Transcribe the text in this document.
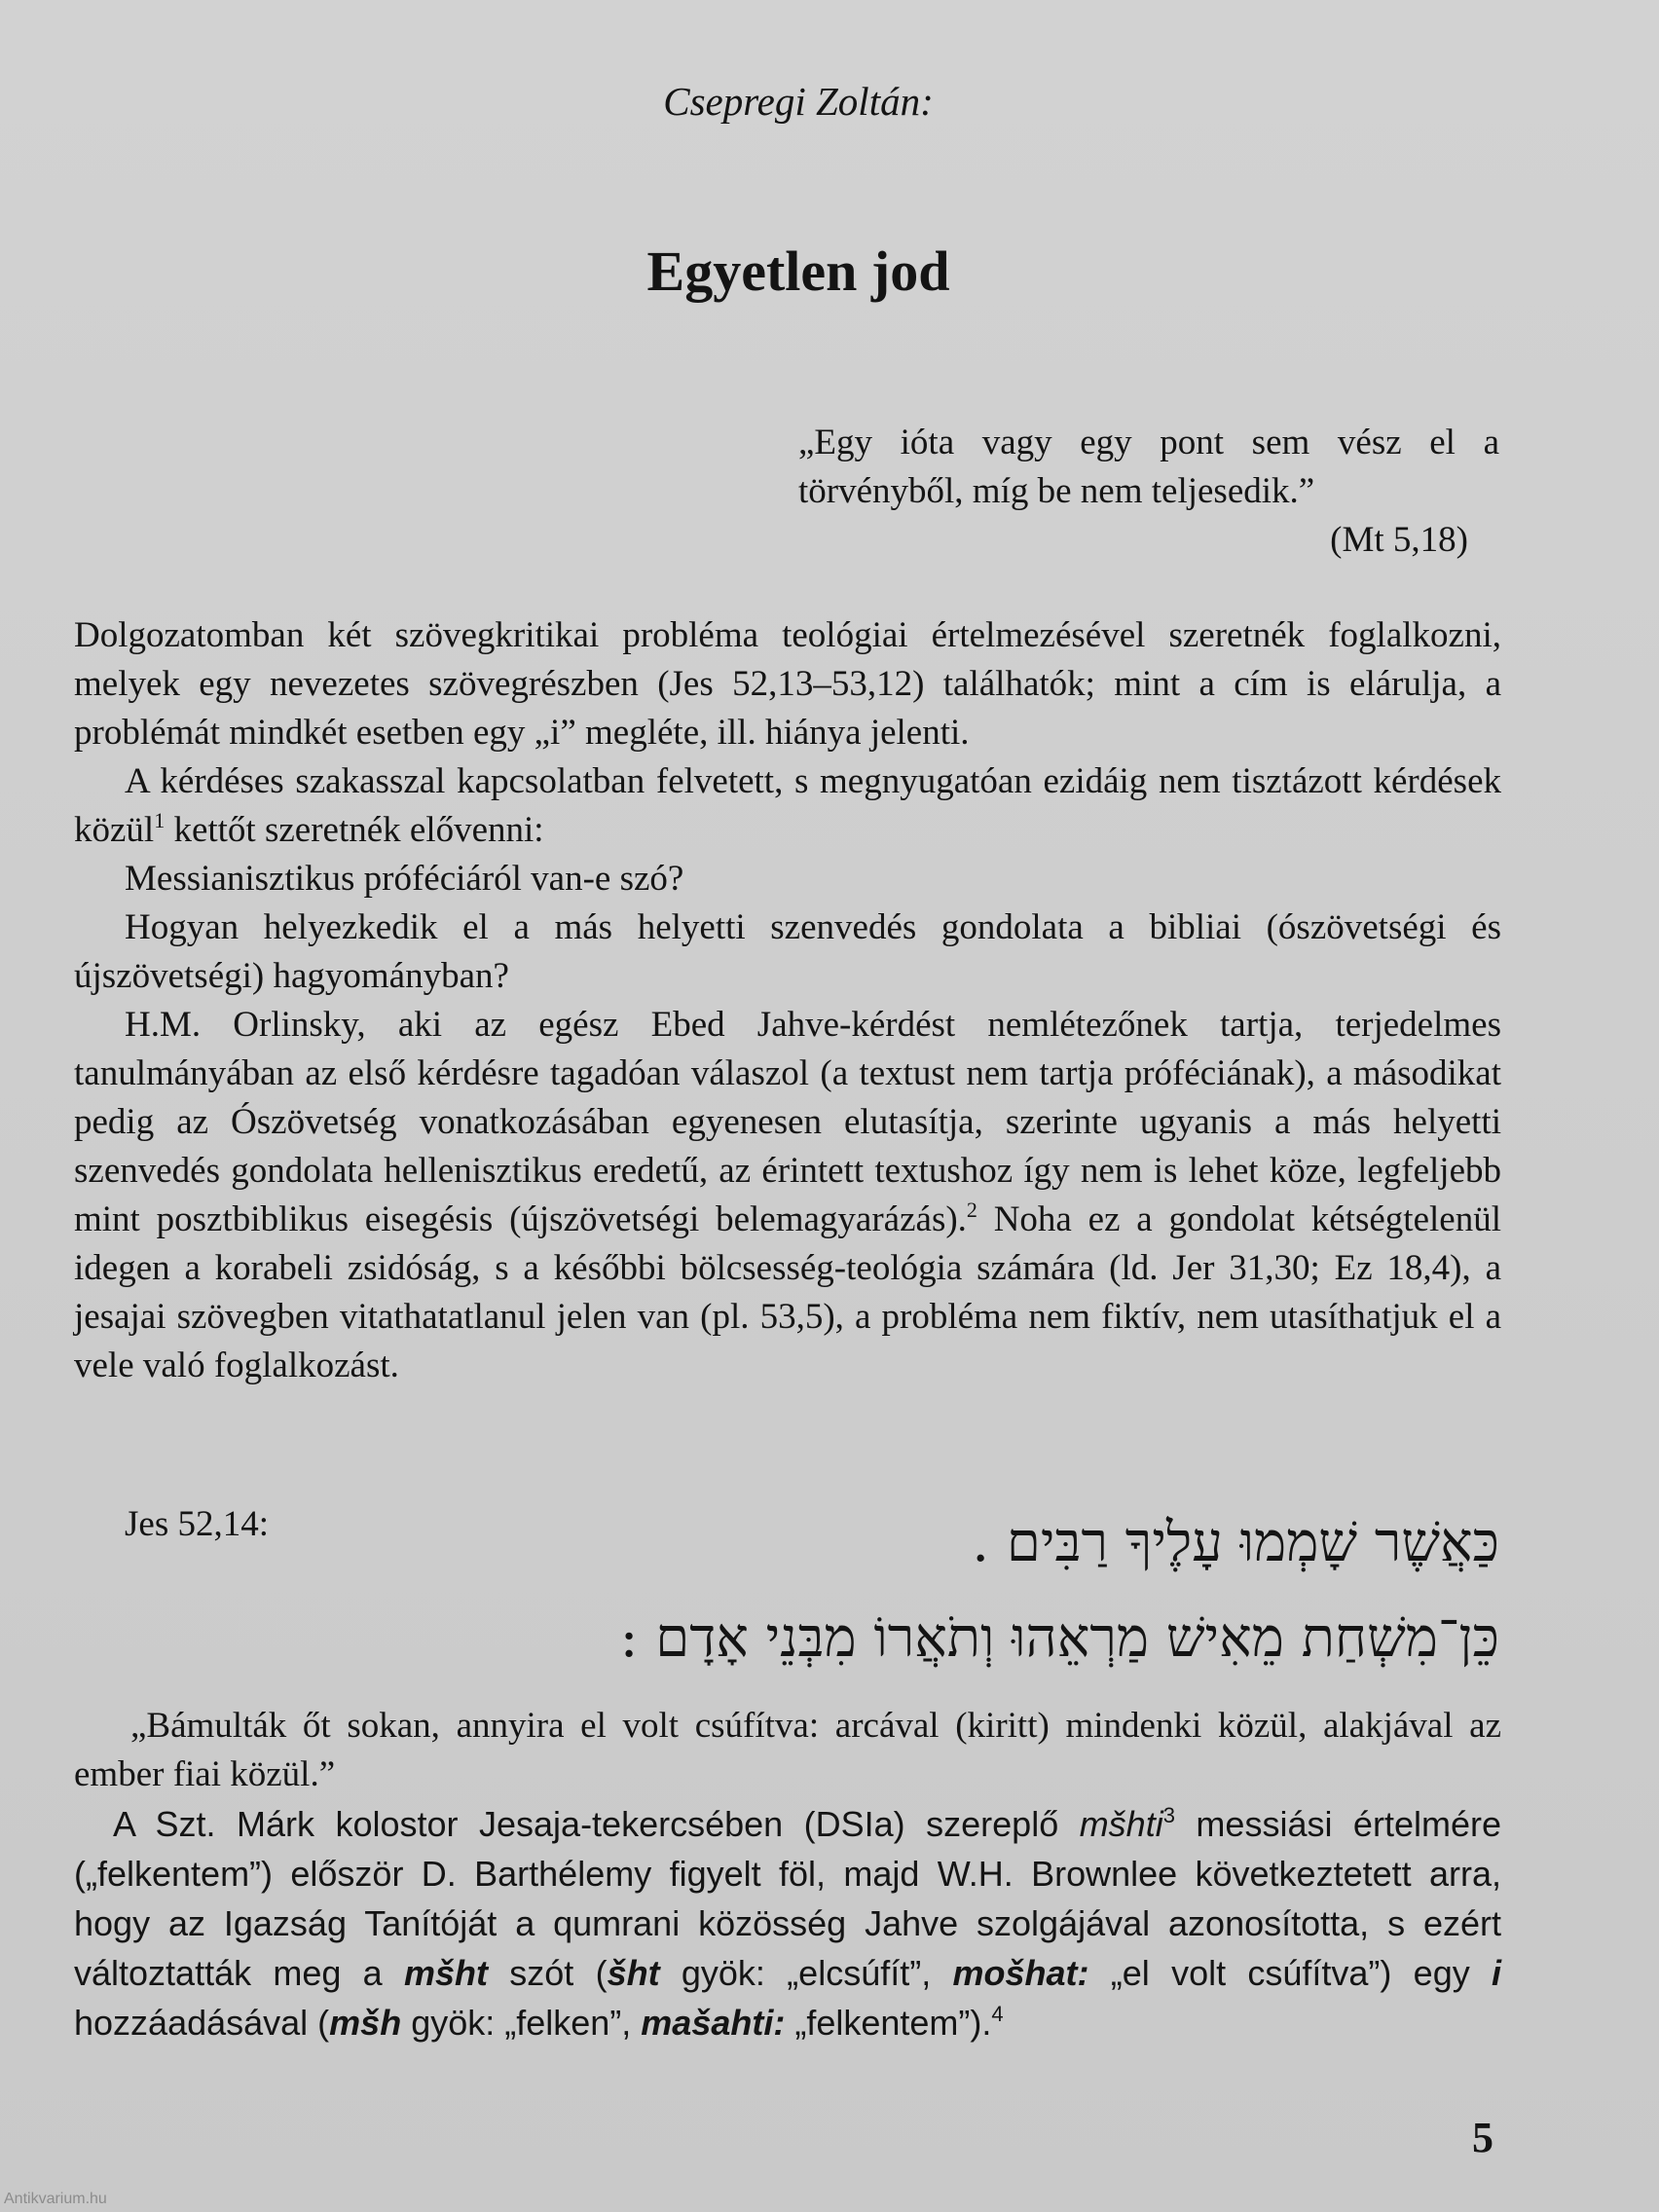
Csepregi Zoltán:
Egyetlen jod
„Egy ióta vagy egy pont sem vész el a
törvényből, míg be nem teljesedik.”
(Mt 5,18)

Dolgozatomban két szövegkritikai probléma teológiai értelmezésével szeretnék foglalkozni, melyek egy nevezetes szövegrészben (Jes 52,13–53,12) találhatók; mint a cím is elárulja, a problémát mindkét esetben egy „i” megléte, ill. hiánya jelenti.

A kérdéses szakasszal kapcsolatban felvetett, s megnyugatóan ezidáig nem tisztázott kérdések közül$^1$ kettőt szeretnék elővenni:

Messianisztikus próféciáról van-e szó?

Hogyan helyezkedik el a más helyetti szenvedés gondolata a bibliai (ószövetségi és újszövetségi) hagyományban?

H.M. Orlinsky, aki az egész Ebed Jahve-kérdést nemlétezőnek tartja, terjedelmes tanulmányában az első kérdésre tagadóan válaszol (a textust nem tartja próféciának), a másodikat pedig az Ószövetség vonatkozásában egyenesen elutasítja, szerinte ugyanis a más helyetti szenvedés gondolata hellenisztikus eredetű, az érintett textushoz így nem is lehet köze, legfeljebb mint posztbiblikus eisegésis (újszövetségi belemagyarázás).$^2$ Noha ez a gondolat kétségtelenül idegen a korabeli zsidóság, s a későbbi bölcsesség-teológia számára (ld. Jer 31,30; Ez 18,4), a jesajai szövegben vitathatatlanul jelen van (pl. 53,5), a probléma nem fiktív, nem utasíthatjuk el a vele való foglalkozást.

Jes 52,14:	כַּאֲשֶׁר שָׁמְמוּ עָלֶיךָ רַבִּים .
כֵּן־מִשְׁחַת מֵאִישׁ מַרְאֵהוּ וְתֹאֲרוֹ מִבְּנֵי אָדָם :

„Bámulták őt sokan, annyira el volt csúfítva: arcával (kiritt) mindenki közül, alakjával az ember fiai közül.”

A Szt. Márk kolostor Jesaja-tekercsében (DSIa) szereplő mšhti$^3$ messiási értelmére („felkentem”) először D. Barthélemy figyelt föl, majd W.H. Brownlee következtetett arra, hogy az Igazság Tanítóját a qumrani közösség Jahve szolgájával azonosította, s ezért változtatták meg a mšht szót (šht gyök: „elcsúfít”, mošhat: „el volt csúfítva”) egy i hozzáadásával (mšh gyök: „felken”, mašahti: „felkentem”).$^4$

5
Antikvarium.hu
